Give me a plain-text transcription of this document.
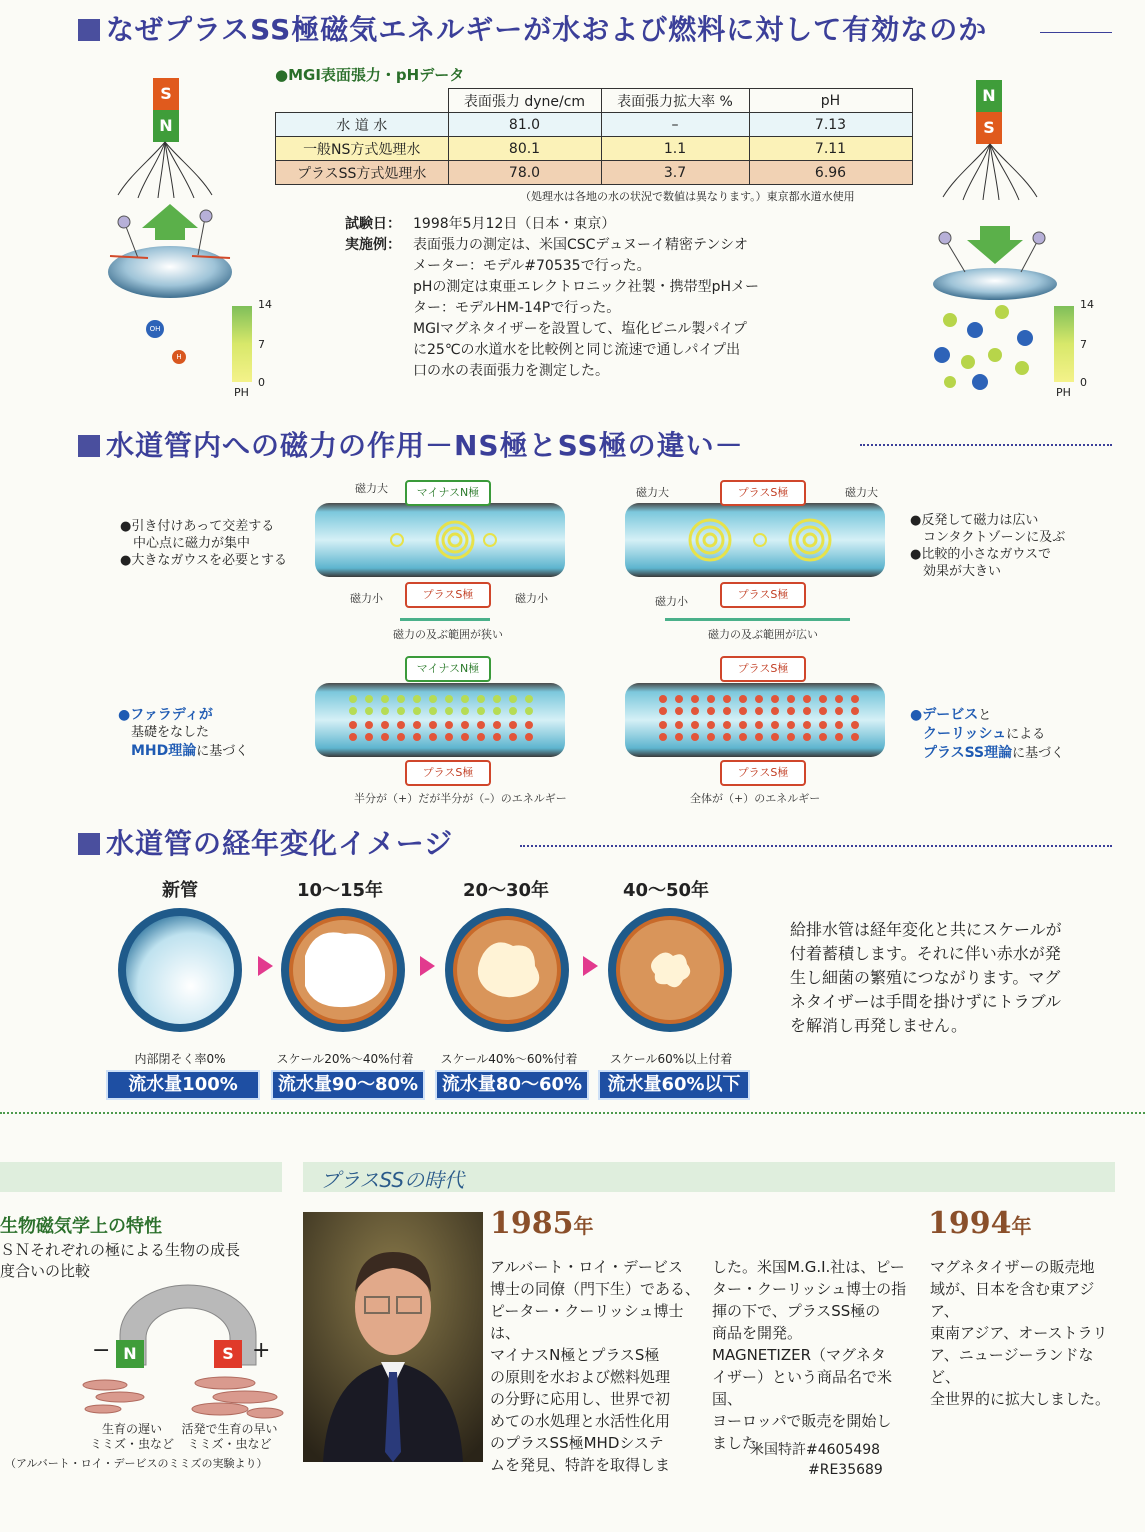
なぜプラスSS極磁気エネルギーが水および燃料に対して有効なのか
S
N
OH
H
14
7
0
PH
●MGI表面張力・pHデータ
	表面張力 dyne/cm	表面張力拡大率 %	pH
水 道 水	81.0	–	7.13
一般NS方式処理水	80.1	1.1	7.11
プラスSS方式処理水	78.0	3.7	6.96
（処理水は各地の水の状況で数値は異なります。）東京都水道水使用
試験日： 1998年5月12日（日本・東京）
実施例： 表面張力の測定は、米国CSCデュヌーイ精密テンシオ
メーター：モデル#70535で行った。
pHの測定は東亜エレクトロニック社製・携帯型pHメー
ター：モデルHM-14Pで行った。
MGIマグネタイザーを設置して、塩化ビニル製パイプ
に25℃の水道水を比較例と同じ流速で通しパイプ出
口の水の表面張力を測定した。
N
S
14
7
0
PH
水道管内への磁力の作用－NS極とSS極の違い－
●引き付けあって交差する
中心点に磁力が集中
●大きなガウスを必要とする
●反発して磁力は広い
コンタクトゾーンに及ぶ
●比較的小さなガウスで
効果が大きい
マイナスN極
プラスS極
磁力大
磁力小	磁力小
磁力の及ぶ範囲が狭い
プラスS極
プラスS極
磁力大	磁力大
磁力小
磁力の及ぶ範囲が広い
マイナスN極
プラスS極
半分が（+）だが半分が（–）のエネルギー
プラスS極
プラスS極
全体が（+）のエネルギー
●ファラディが
基礎をなした
MHD理論に基づく
●デービスと
クーリッシュによる
プラスSS理論に基づく
水道管の経年変化イメージ
新管	10～15年	20～30年	40～50年
内部閉そく率0%	スケール20%～40%付着	スケール40%～60%付着	スケール60%以上付着
流水量100%	流水量90～80%	流水量80～60%	流水量60%以下
給排水管は経年変化と共にスケールが
付着蓄積します。それに伴い赤水が発
生し細菌の繁殖につながります。マグ
ネタイザーは手間を掛けずにトラブル
を解消し再発しません。
生物磁気学上の特性
ＳＮそれぞれの極による生物の成長
度合いの比較
N	S
−	+
生育の遅い
ミミズ・虫など
活発で生育の早い
ミミズ・虫など
（アルバート・ロイ・デービスのミミズの実験より）
プラスSSの時代
1985年	1994年
アルバート・ロイ・デービス
博士の同僚（門下生）である、
ピーター・クーリッシュ博士は、
マイナスN極とプラスS極
の原則を水および燃料処理
の分野に応用し、世界で初
めての水処理と水活性化用
のプラスSS極MHDシステ
ムを発見、特許を取得しま
した。米国M.G.I.社は、ピー
ター・クーリッシュ博士の指
揮の下で、プラスSS極の
商品を開発。
MAGNETIZER（マグネタ
イザー）という商品名で米国、
ヨーロッパで販売を開始し
ました。
米国特許#4605498
#RE35689
マグネタイザーの販売地
域が、日本を含む東アジア、
東南アジア、オーストラリ
ア、ニュージーランドなど、
全世界的に拡大しました。
